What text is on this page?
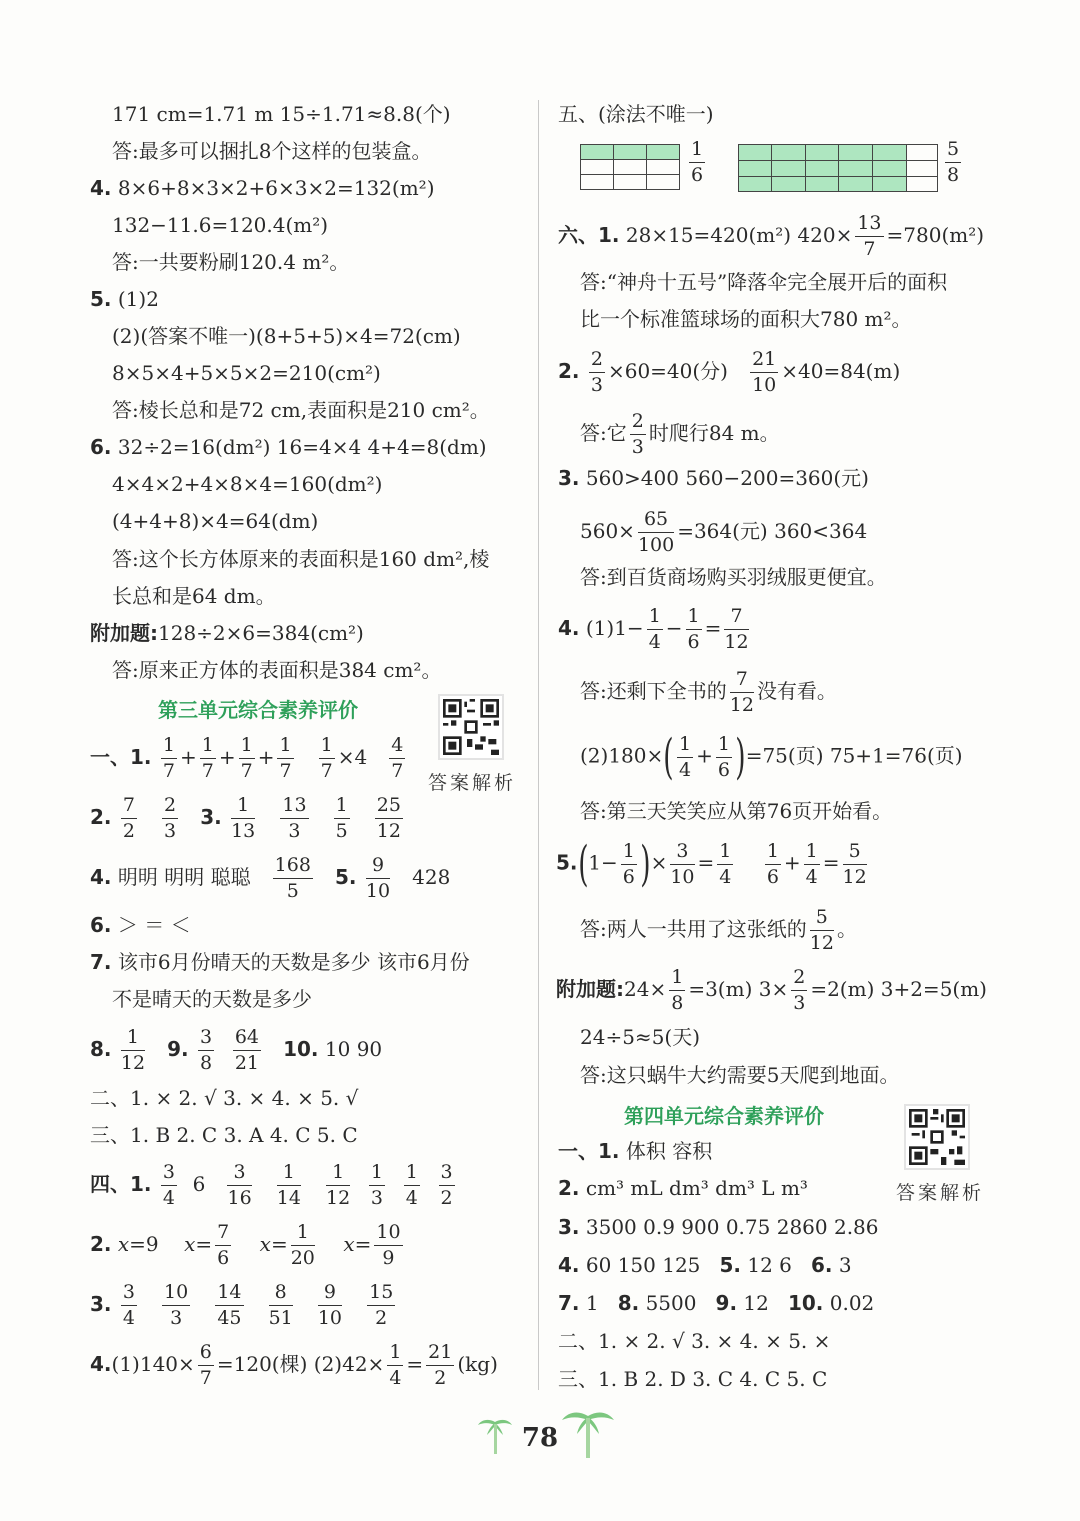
171 cm=1.71 m 15÷1.71≈8.8(个)
答:最多可以捆扎8个这样的包装盒。
4. 8×6+8×3×2+6×3×2=132(m²)
132−11.6=120.4(m²)
答:一共要粉刷120.4 m²。
5. (1)2
(2)(答案不唯一)(8+5+5)×4=72(cm)
8×5×4+5×5×2=210(cm²)
答:棱长总和是72 cm,表面积是210 cm²。
6. 32÷2=16(dm²) 16=4×4 4+4=8(dm)
4×4×2+4×8×4=160(dm²)
(4+4+8)×4=64(dm)
答:这个长方体原来的表面积是160 dm²,棱
长总和是64 dm。
附加题:128÷2×6=384(cm²)
答:原来正方体的表面积是384 cm²。
第三单元综合素养评价
答案解析
一、1. $\frac{1}{7} + \frac{1}{7} + \frac{1}{7} + \frac{1}{7}$
$\frac{1}{7} \times 4 \frac{4}{7}$
2. $\frac{7}{2}$
$\frac{2}{3} 3$. $\frac{1}{13}$
$\frac{13}{3}$
$\frac{1}{5}$
$\frac{25}{12}$
4. 明明 明明 聪聪 $\frac{168}{5} 5$. $\frac{9}{10} 428$
6. ＞ ＝ ＜
7. 该市6月份晴天的天数是多少 该市6月份
不是晴天的天数是多少
8. $\frac{1}{12} 9$. $\frac{3}{8}$
$\frac{64}{21} 10$. 10 90
二、1. × 2. √ 3. × 4. × 5. √
三、1. B 2. C 3. A 4. C 5. C
四、1. $\frac{3}{4} 6 \frac{3}{16}$
$\frac{1}{14}$
$\frac{1}{12}$
$\frac{1}{3}$
$\frac{1}{4}$
$\frac{3}{2}$
2. x=9    $x= \frac{7}{6} x= \frac{1}{20} x= \frac{10}{9}$
3. $\frac{3}{4}$
$\frac{10}{3}$
$\frac{14}{45}$
$\frac{8}{51}$
$\frac{9}{10}$
$\frac{15}{2}$
$4.(1)140\times \frac{6}{7} =120$(棵) $(2)42\times \frac{1}{4} = \frac{21}{2} (kg)$
五、(涂法不唯一)
$\frac{1}{6}$	$\frac{5}{8}$
六、1. 28×15=420(m²) $420\times \frac{13}{7} =780(m^2)$
答:“神舟十五号”降落伞完全展开后的面积
比一个标准篮球场的面积大780 m²。
2. $\frac{2}{3} \times 60=40$(分) $\frac{21}{10} \times 40=84(m)$
答:它 $\frac{2}{3}$ 时爬行84 m。
3. 560>400 560−200=360(元)
$560\times \frac{65}{100} =364$(元) 360<364
答:到百货商场购买羽绒服更便宜。
4. $(1)1- \frac{1}{4} - \frac{1}{6} = \frac{7}{12}$
答:还剩下全书的 $\frac{7}{12}$ 没有看。
$(2)180\times( \frac{1}{4} + \frac{1}{6} )=75$(页) 75+1=76(页)
答:第三天笑笑应从第76页开始看。
$5.(1- \frac{1}{6}$ )× $\frac{3}{10} = \frac{1}{4}$
$\frac{1}{6} + \frac{1}{4} = \frac{5}{12}$
答:两人一共用了这张纸的 $\frac{5}{12}$ 。
附加题:24× $\frac{1}{8} =3(m)$ $3\times \frac{2}{3} =2(m)$ 3+2=5(m)
24÷5≈5(天)
答:这只蜗牛大约需要5天爬到地面。
第四单元综合素养评价
答案解析
一、1. 体积 容积
2. cm³ mL dm³ dm³ L m³
3. 3500 0.9 900 0.75 2860 2.86
4. 60 150 125 5. 12 6 6. 3
7. 1 8. 5500 9. 12 10. 0.02
二、1. × 2. √ 3. × 4. × 5. ×
三、1. B 2. D 3. C 4. C 5. C
78
